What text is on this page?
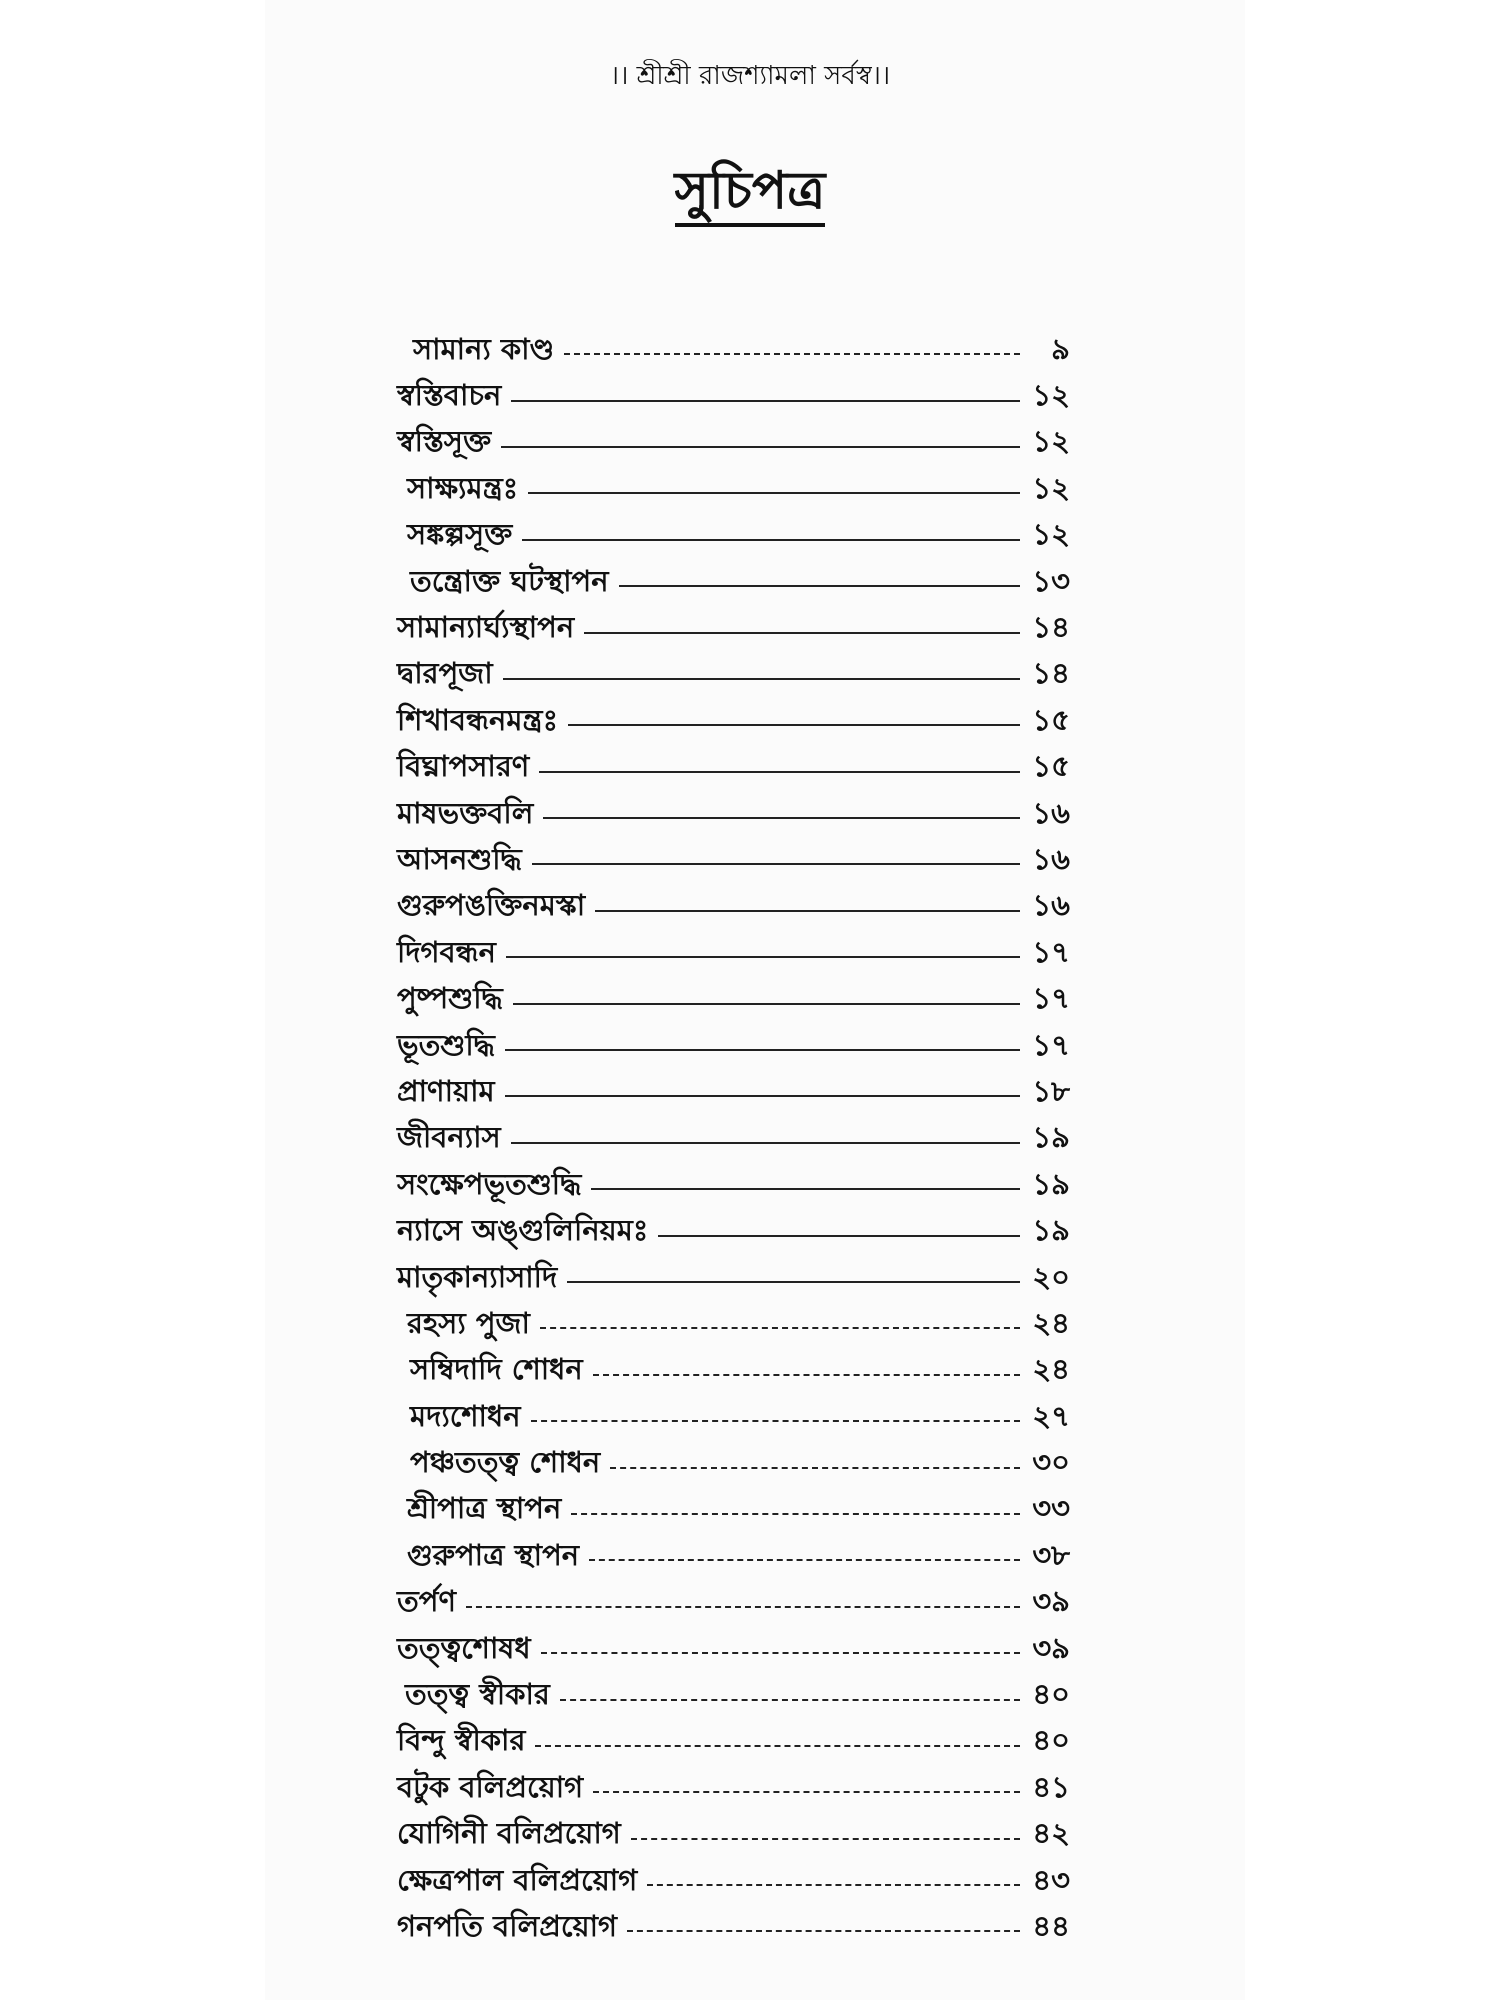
।। শ্রীশ্রী রাজশ্যামলা সর্বস্ব।।
সুচিপত্র
সামান্য কাণ্ড	৯
স্বস্তিবাচন	১২
স্বস্তিসূক্ত	১২
সাক্ষ্যমন্ত্রঃ	১২
সঙ্কল্পসূক্ত	১২
তন্ত্রোক্ত ঘটস্থাপন	১৩
সামান্যার্ঘ্যস্থাপন	১৪
দ্বারপূজা	১৪
শিখাবন্ধনমন্ত্রঃ	১৫
বিঘ্নাপসারণ	১৫
মাষভক্তবলি	১৬
আসনশুদ্ধি	১৬
গুরুপঙক্তিনমস্কা	১৬
দিগবন্ধন	১৭
পুষ্পশুদ্ধি	১৭
ভূতশুদ্ধি	১৭
প্রাণায়াম	১৮
জীবন্যাস	১৯
সংক্ষেপভূতশুদ্ধি	১৯
ন্যাসে অঙ্গুলিনিয়মঃ	১৯
মাতৃকান্যাসাদি	২০
রহস্য পুজা	২৪
সম্বিদাদি শোধন	২৪
মদ্যশোধন	২৭
পঞ্চতত্ত্ব শোধন	৩০
শ্রীপাত্র স্থাপন	৩৩
গুরুপাত্র স্থাপন	৩৮
তর্পণ	৩৯
তত্ত্বশোষধ	৩৯
তত্ত্ব স্বীকার	৪০
বিন্দু স্বীকার	৪০
বটুক বলিপ্রয়োগ	৪১
যোগিনী বলিপ্রয়োগ	৪২
ক্ষেত্রপাল বলিপ্রয়োগ	৪৩
গনপতি বলিপ্রয়োগ	৪৪
